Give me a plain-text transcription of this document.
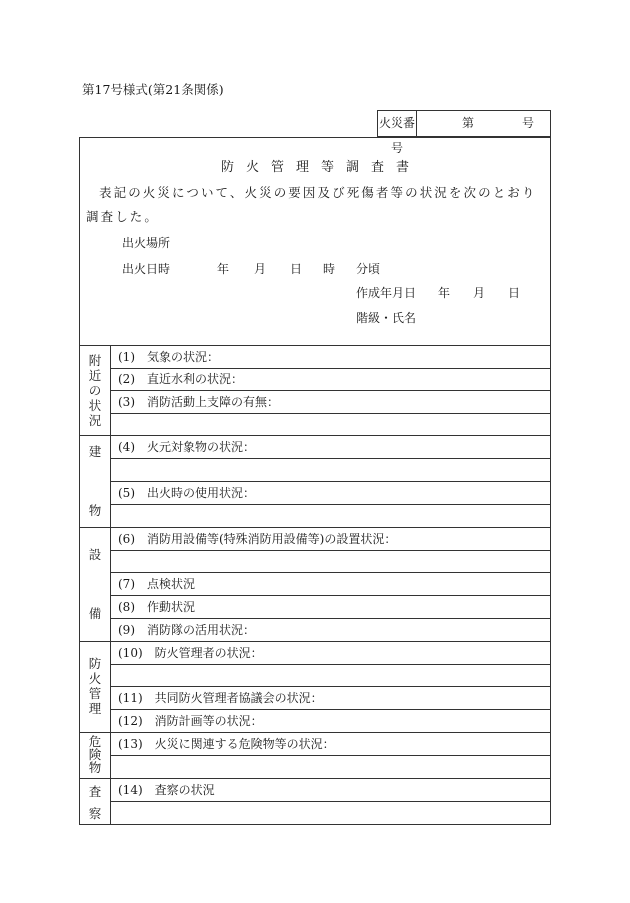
第17号様式(第21条関係)
火災番号
第	号
防火管理等調査書
表記の火災について、火災の要因及び死傷者等の状況を次のとおり調査した。
出火場所
出火日時	年 月 日 時 分頃
作成年月日 年 月 日
階級・氏名
附
近
の
状
況
建
物
設
備
防
火
管
理
危
険
物
査
察
(1)　気象の状況：
(2)　直近水利の状況：
(3)　消防活動上支障の有無：
(4)　火元対象物の状況：
(5)　出火時の使用状況：
(6)　消防用設備等(特殊消防用設備等)の設置状況：
(7)　点検状況
(8)　作動状況
(9)　消防隊の活用状況：
(10)　防火管理者の状況：
(11)　共同防火管理者協議会の状況：
(12)　消防計画等の状況：
(13)　火災に関連する危険物等の状況：
(14)　査察の状況
